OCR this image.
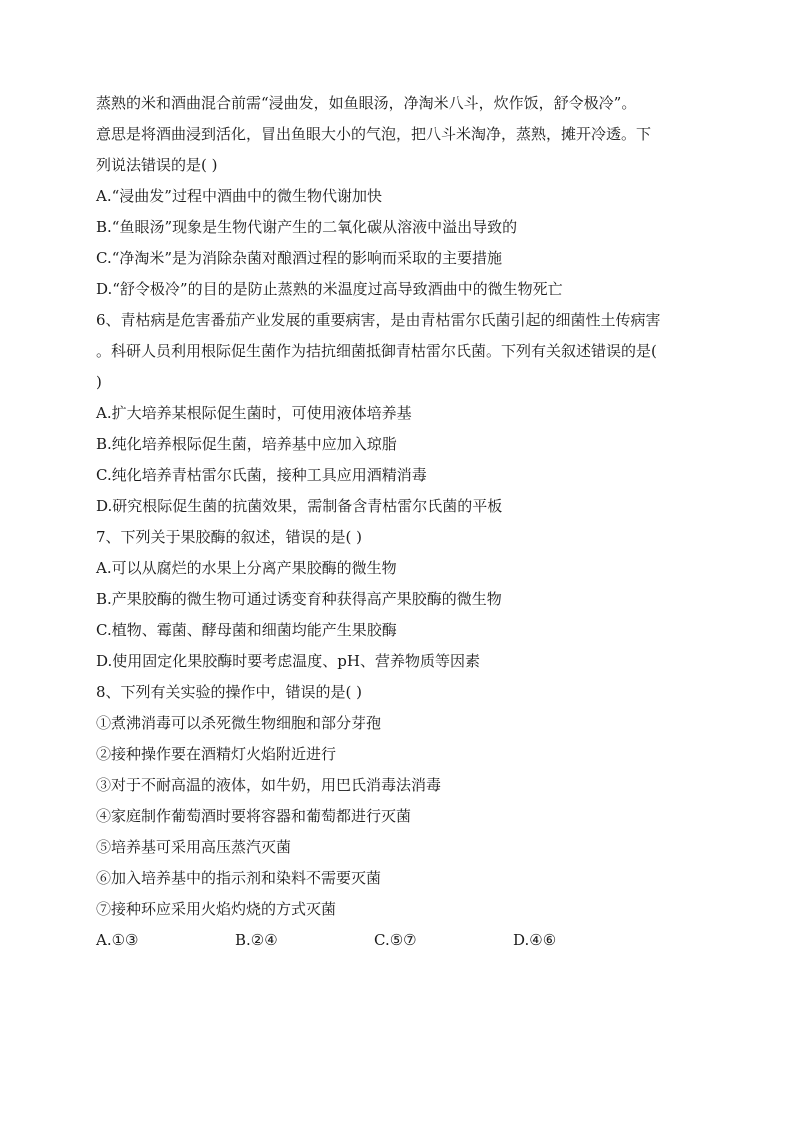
蒸熟的米和酒曲混合前需“浸曲发，如鱼眼汤，净淘米八斗，炊作饭，舒令极冷”。
意思是将酒曲浸到活化，冒出鱼眼大小的气泡，把八斗米淘净，蒸熟，摊开冷透。下
列说法错误的是( )
A.“浸曲发”过程中酒曲中的微生物代谢加快
B.“鱼眼汤”现象是生物代谢产生的二氧化碳从溶液中溢出导致的
C.“净淘米”是为消除杂菌对酿酒过程的影响而采取的主要措施
D.“舒令极冷”的目的是防止蒸熟的米温度过高导致酒曲中的微生物死亡
6、青枯病是危害番茄产业发展的重要病害，是由青枯雷尔氏菌引起的细菌性土传病害
。科研人员利用根际促生菌作为拮抗细菌抵御青枯雷尔氏菌。下列有关叙述错误的是(
)
A.扩大培养某根际促生菌时，可使用液体培养基
B.纯化培养根际促生菌，培养基中应加入琼脂
C.纯化培养青枯雷尔氏菌，接种工具应用酒精消毒
D.研究根际促生菌的抗菌效果，需制备含青枯雷尔氏菌的平板
7、下列关于果胶酶的叙述，错误的是( )
A.可以从腐烂的水果上分离产果胶酶的微生物
B.产果胶酶的微生物可通过诱变育种获得高产果胶酶的微生物
C.植物、霉菌、酵母菌和细菌均能产生果胶酶
D.使用固定化果胶酶时要考虑温度、pH、营养物质等因素
8、下列有关实验的操作中，错误的是( )
①煮沸消毒可以杀死微生物细胞和部分芽孢
②接种操作要在酒精灯火焰附近进行
③对于不耐高温的液体，如牛奶，用巴氏消毒法消毒
④家庭制作葡萄酒时要将容器和葡萄都进行灭菌
⑤培养基可采用高压蒸汽灭菌
⑥加入培养基中的指示剂和染料不需要灭菌
⑦接种环应采用火焰灼烧的方式灭菌
A.①③	B.②④	C.⑤⑦	D.④⑥
